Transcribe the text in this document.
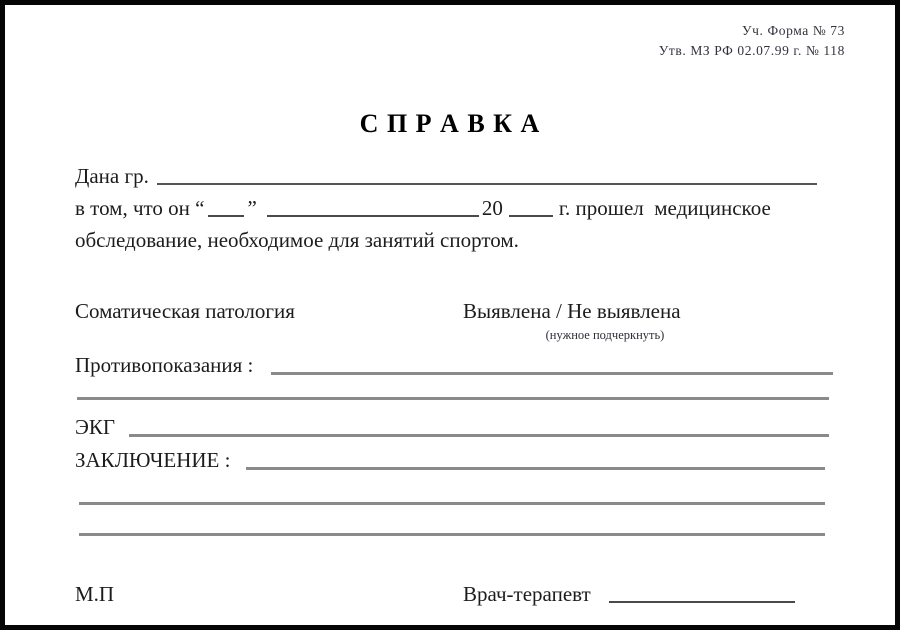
Уч. Форма № 73
Утв. МЗ РФ 02.07.99 г. № 118
С П Р А В К А
Дана гр.
в том, что он “ ”	20	г. прошел  медицинское
обследование, необходимое для занятий спортом.
Соматическая патология	Выявлена / Не выявлена
(нужное подчеркнуть)
Противопоказания :
ЭКГ
ЗАКЛЮЧЕНИЕ :
М.П	Врач-терапевт
